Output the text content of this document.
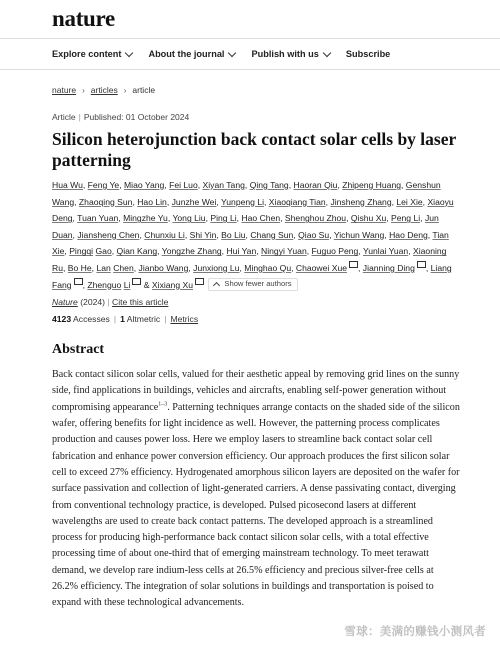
nature
Explore content	About the journal	Publish with us	Subscribe
nature › articles › article
Article | Published: 01 October 2024
Silicon heterojunction back contact solar cells by laser patterning
Hua Wu, Feng Ye, Miao Yang, Fei Luo, Xiyan Tang, Qing Tang, Haoran Qiu, Zhipeng Huang, Genshun Wang, Zhaoqing Sun, Hao Lin, Junzhe Wei, Yunpeng Li, Xiaoqiang Tian, Jinsheng Zhang, Lei Xie, Xiaoyu Deng, Tuan Yuan, Mingzhe Yu, Yong Liu, Ping Li, Hao Chen, Shenghou Zhou, Qishu Xu, Peng Li, Jun Duan, Jiansheng Chen, Chunxiu Li, Shi Yin, Bo Liu, Chang Sun, Qiao Su, Yichun Wang, Hao Deng, Tian Xie, Pingqi Gao, Qian Kang, Yongzhe Zhang, Hui Yan, Ningyi Yuan, Fuguo Peng, Yunlai Yuan, Xiaoning Ru, Bo He, Lan Chen, Jianbo Wang, Junxiong Lu, Minghao Qu, Chaowei Xue , Jianning Ding , Liang Fang , Zhenguo Li & Xixiang Xu	Show fewer authors
Nature (2024) | Cite this article
4123 Accesses | 1 Altmetric | Metrics
Abstract
Back contact silicon solar cells, valued for their aesthetic appeal by removing grid lines on the sunny side, find applications in buildings, vehicles and aircrafts, enabling self-power generation without compromising appearance$^{1-3}$. Patterning techniques arrange contacts on the shaded side of the silicon wafer, offering benefits for light incidence as well. However, the patterning process complicates production and causes power loss. Here we employ lasers to streamline back contact solar cell fabrication and enhance power conversion efficiency. Our approach produces the first silicon solar cell to exceed 27% efficiency. Hydrogenated amorphous silicon layers are deposited on the wafer for surface passivation and collection of light-generated carriers. A dense passivating contact, diverging from conventional technology practice, is developed. Pulsed picosecond lasers at different wavelengths are used to create back contact patterns. The developed approach is a streamlined process for producing high-performance back contact silicon solar cells, with a total effective processing time of about one-third that of emerging mainstream technology. To meet terawatt demand, we develop rare indium-less cells at 26.5% efficiency and precious silver-free cells at 26.2% efficiency. The integration of solar solutions in buildings and transportation is poised to expand with these technological advancements.
雪球：美满的赚钱小测风者
